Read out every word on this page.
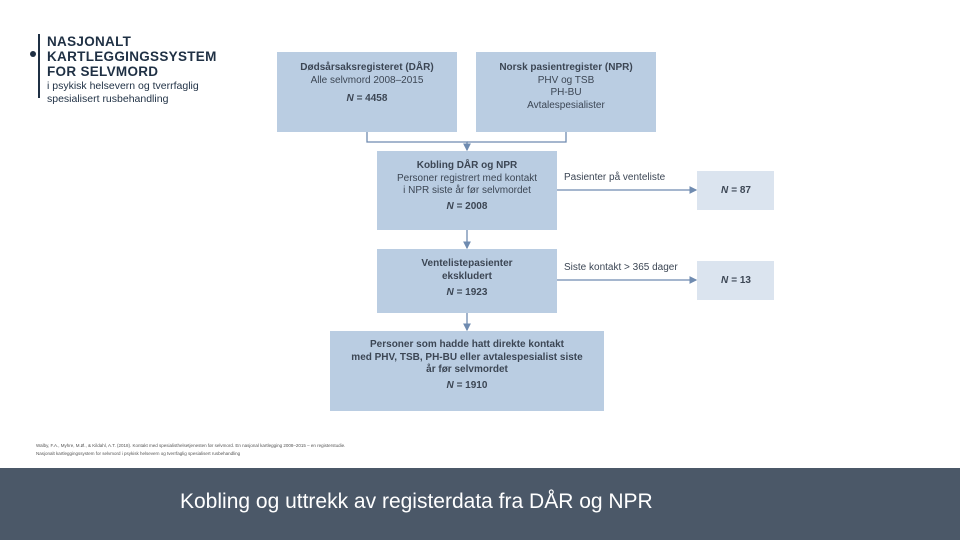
NASJONALT
KARTLEGGINGSSYSTEM
FOR SELVMORD
i psykisk helsevern og tverrfaglig
spesialisert rusbehandling
Dødsårsaksregisteret (DÅR)
Alle selvmord 2008–2015
N = 4458
Norsk pasientregister (NPR)
PHV og TSB
PH-BU
Avtalespesialister
Kobling DÅR og NPR
Personer registrert med kontakt
i NPR siste år før selvmordet
N = 2008
Ventelistepasienter
ekskludert
N = 1923
Personer som hadde hatt direkte kontakt
med PHV, TSB, PH-BU eller avtalespesialist siste
år før selvmordet
N = 1910
Pasienter på venteliste
Siste kontakt > 365 dager
N = 87
N = 13
Walby, F.A., Myhre, M.Ø., & Kildahl, A.T. (2018). Kontakt med spesialisthelsetjenesten før selvmord. En nasjonal kartlegging 2008–2015 – en registerstudie.
Nasjonalt kartleggingssystem for selvmord i psykisk helsevern og tverrfaglig spesialisert rusbehandling
Kobling og uttrekk av registerdata fra DÅR og NPR
